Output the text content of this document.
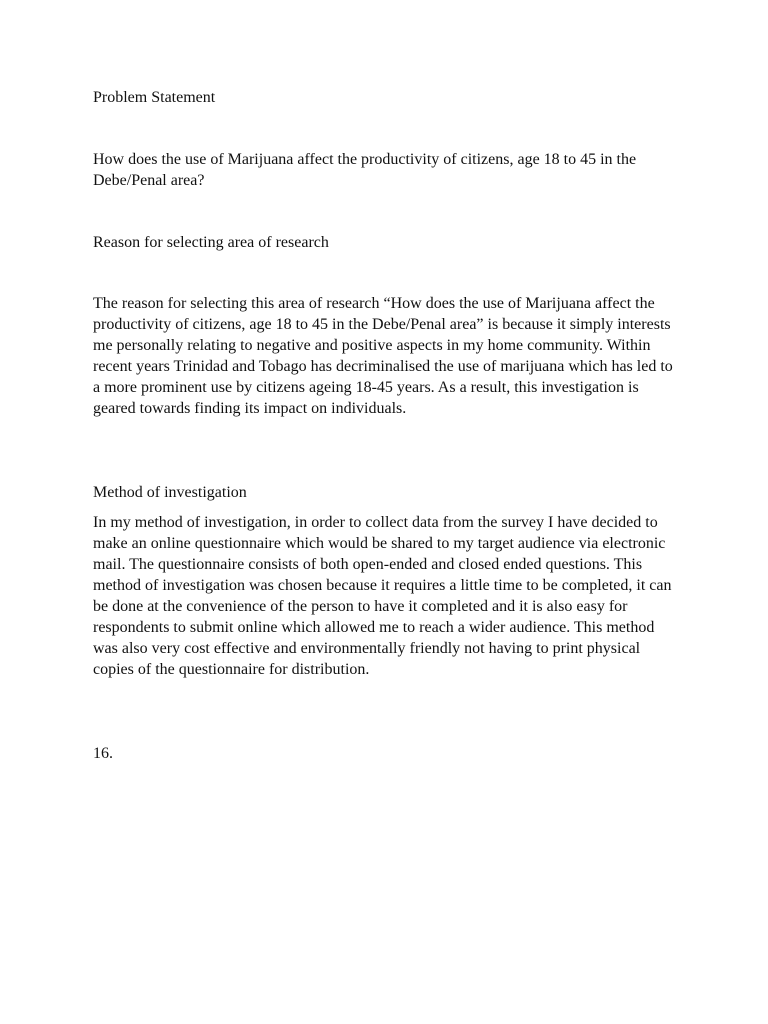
Problem Statement

How does the use of Marijuana affect the productivity of citizens, age 18 to 45 in the Debe/Penal area?

Reason for selecting area of research

The reason for selecting this area of research “How does the use of Marijuana affect the productivity of citizens, age 18 to 45 in the Debe/Penal area” is because it simply interests me personally relating to negative and positive aspects in my home community. Within recent years Trinidad and Tobago has decriminalised the use of marijuana which has led to a more prominent use by citizens ageing 18-45 years. As a result, this investigation is geared towards finding its impact on individuals.

Method of investigation

In my method of investigation, in order to collect data from the survey I have decided to make an online questionnaire which would be shared to my target audience via electronic mail. The questionnaire consists of both open-ended and closed ended questions. This method of investigation was chosen because it requires a little time to be completed, it can be done at the convenience of the person to have it completed and it is also easy for respondents to submit online which allowed me to reach a wider audience. This method was also very cost effective and environmentally friendly not having to print physical copies of the questionnaire for distribution.

16.
